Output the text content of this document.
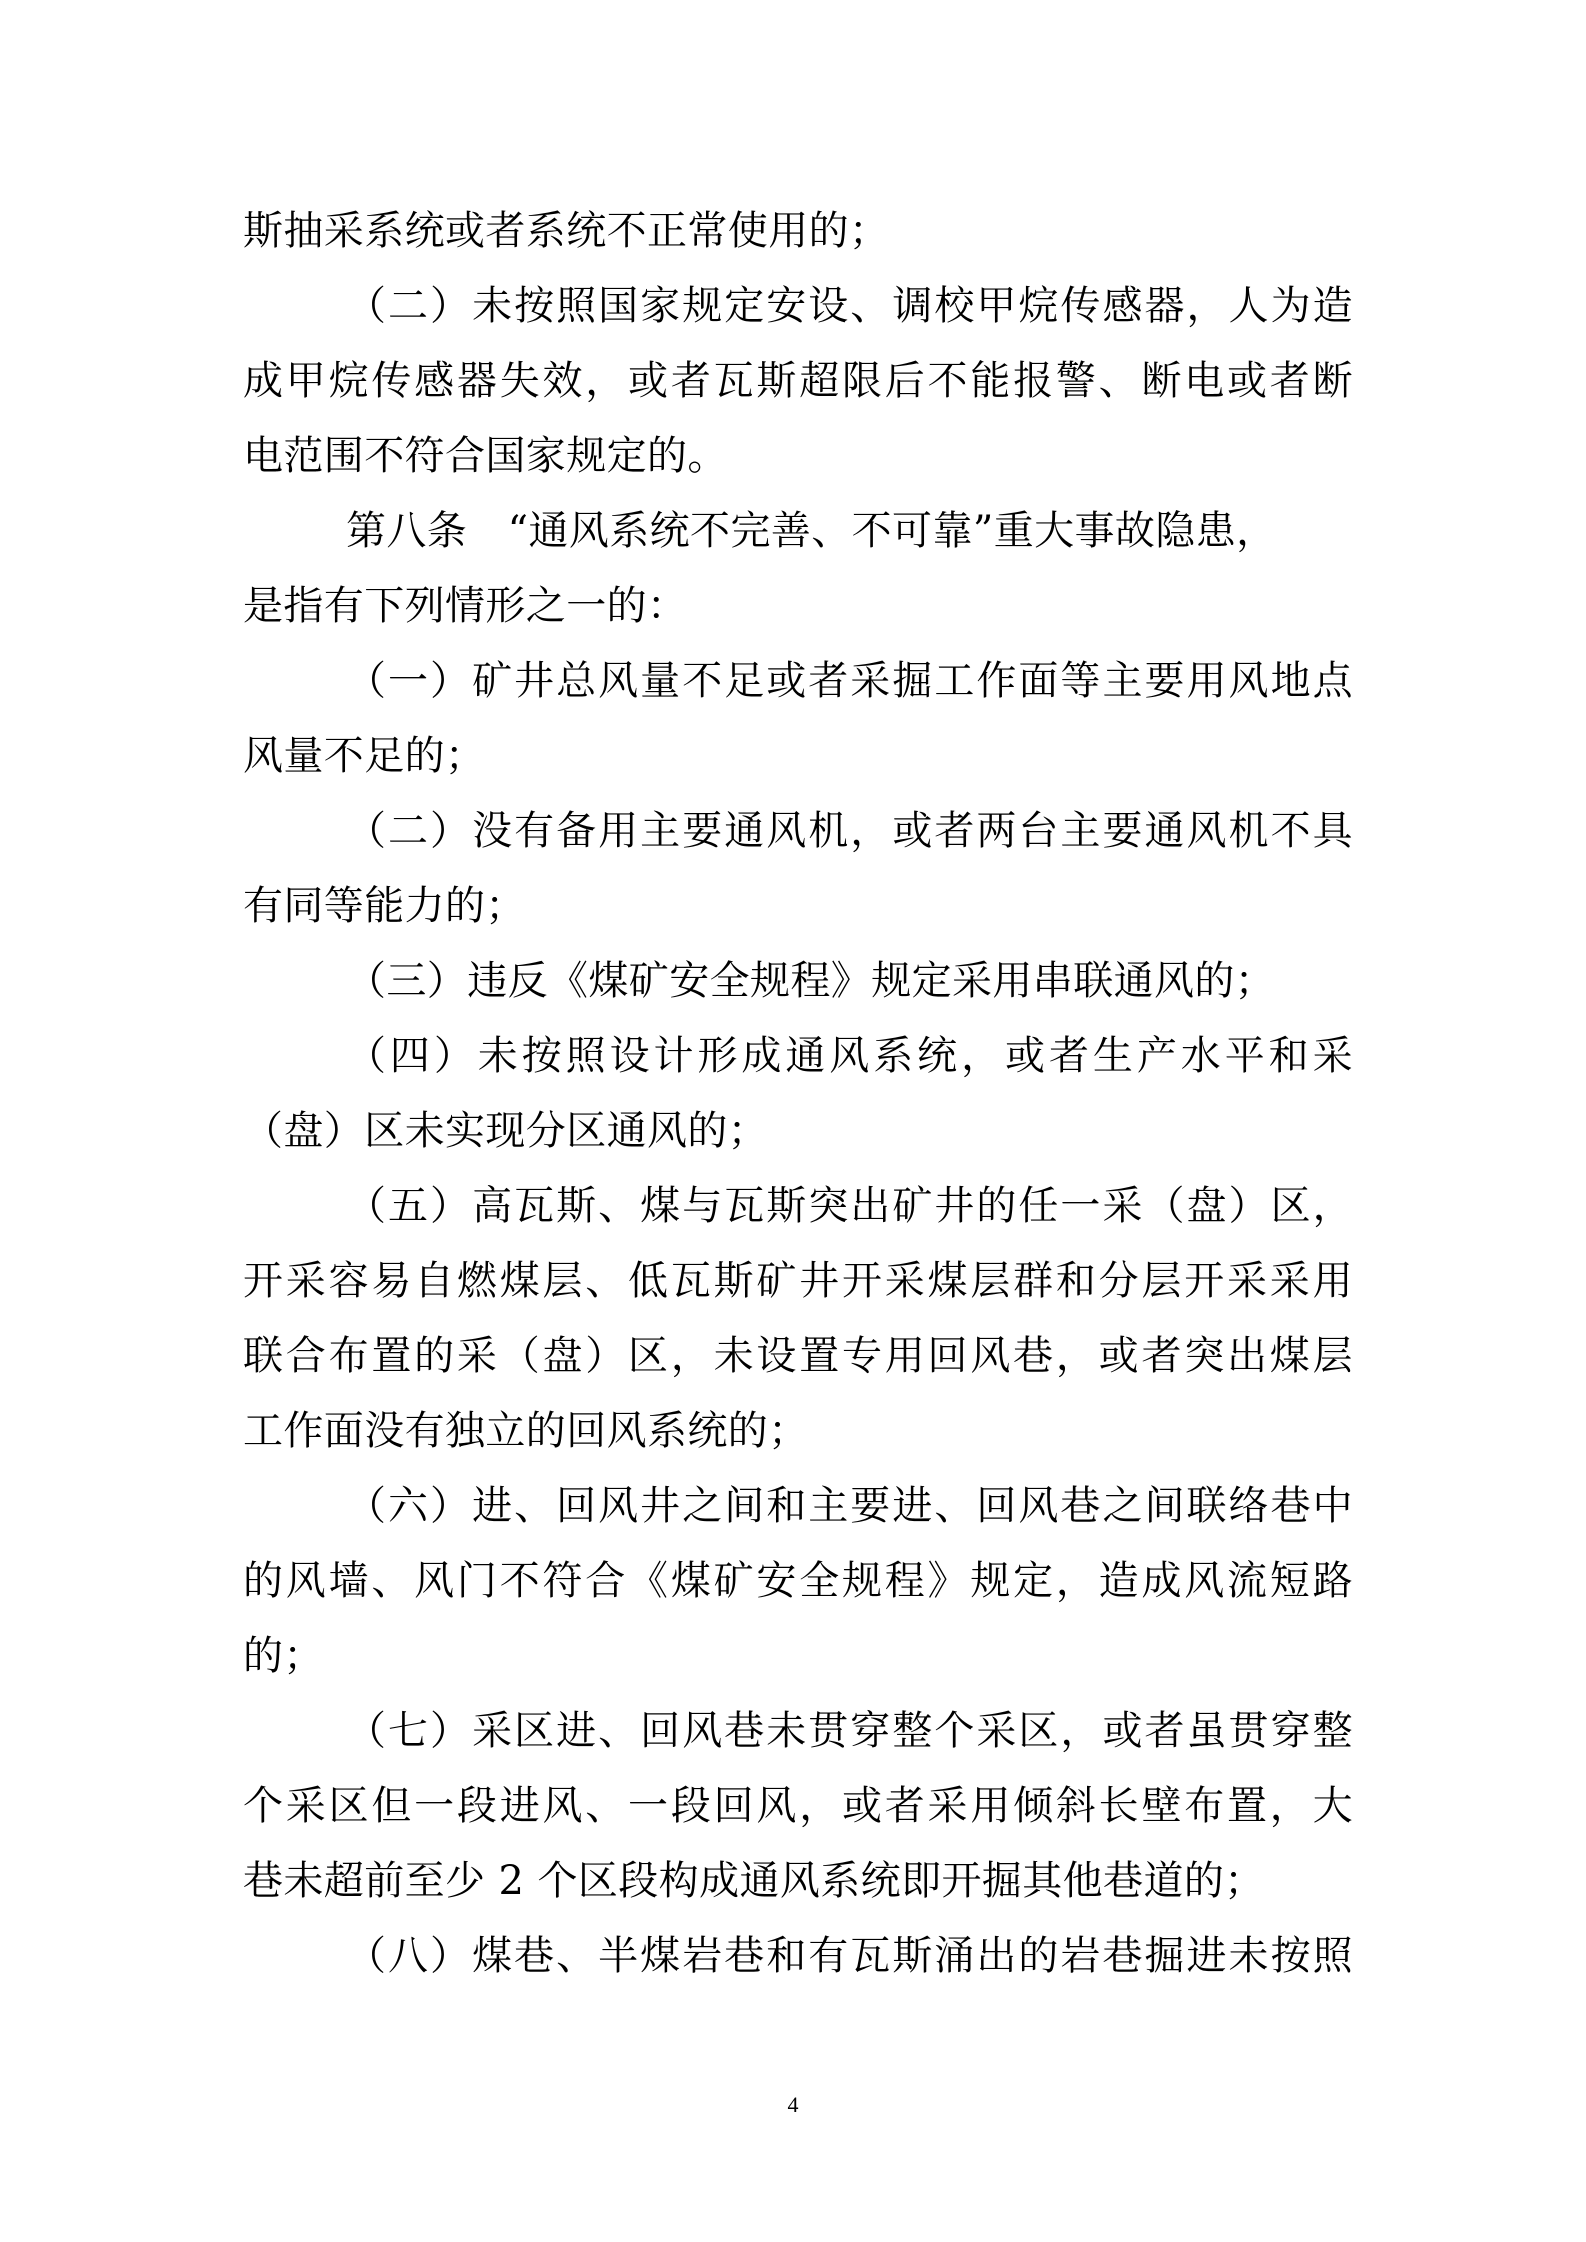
斯抽采系统或者系统不正常使用的；
（二）未按照国家规定安设、调校甲烷传感器，人为造
成甲烷传感器失效，或者瓦斯超限后不能报警、断电或者断
电范围不符合国家规定的。
第八条　“通风系统不完善、不可靠”重大事故隐患，
是指有下列情形之一的：
（一）矿井总风量不足或者采掘工作面等主要用风地点
风量不足的；
（二）没有备用主要通风机，或者两台主要通风机不具
有同等能力的；
（三）违反《煤矿安全规程》规定采用串联通风的；
（四）未按照设计形成通风系统，或者生产水平和采
（盘）区未实现分区通风的；
（五）高瓦斯、煤与瓦斯突出矿井的任一采（盘）区，
开采容易自燃煤层、低瓦斯矿井开采煤层群和分层开采采用
联合布置的采（盘）区，未设置专用回风巷，或者突出煤层
工作面没有独立的回风系统的；
（六）进、回风井之间和主要进、回风巷之间联络巷中
的风墙、风门不符合《煤矿安全规程》规定，造成风流短路
的；
（七）采区进、回风巷未贯穿整个采区，或者虽贯穿整
个采区但一段进风、一段回风，或者采用倾斜长壁布置，大
巷未超前至少 2 个区段构成通风系统即开掘其他巷道的；
（八）煤巷、半煤岩巷和有瓦斯涌出的岩巷掘进未按照
4
